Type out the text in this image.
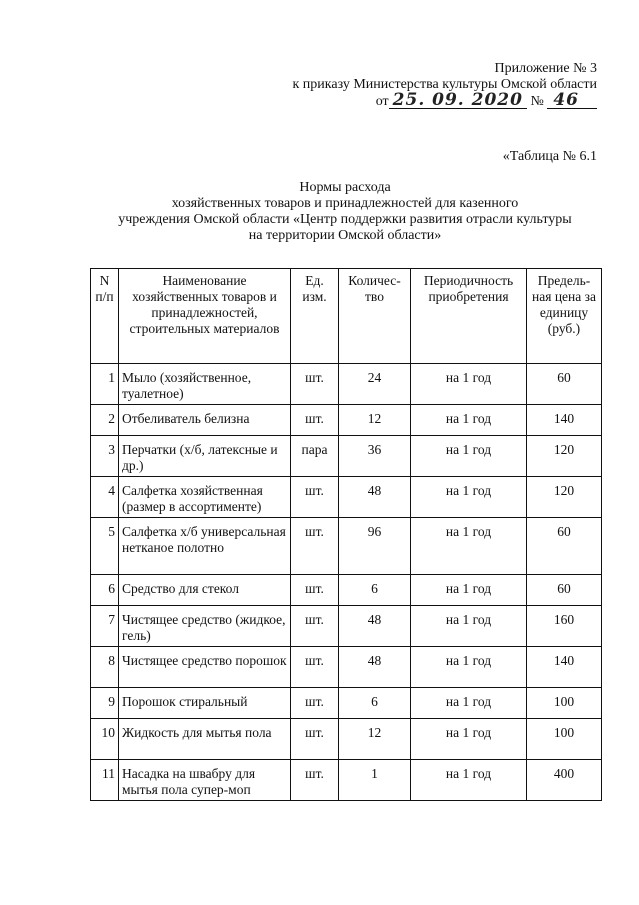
Приложение № 3
к приказу Министерства культуры Омской области
от 25. 09. 2020 № 46
«Таблица № 6.1
Нормы расхода
хозяйственных товаров и принадлежностей для казенного
учреждения Омской области «Центр поддержки развития отрасли культуры
на территории Омской области»
N п/п	Наименование хозяйственных товаров и принадлежностей, строительных материалов	Ед. изм.	Количес-тво	Периодичность приобретения	Предель-ная цена за единицу (руб.)
1	Мыло (хозяйственное, туалетное)	шт.	24	на 1 год	60
2	Отбеливатель белизна	шт.	12	на 1 год	140
3	Перчатки (х/б, латексные и др.)	пара	36	на 1 год	120
4	Салфетка хозяйственная (размер в ассортименте)	шт.	48	на 1 год	120
5	Салфетка х/б универсальная нетканое полотно	шт.	96	на 1 год	60
6	Средство для стекол	шт.	6	на 1 год	60
7	Чистящее средство (жидкое, гель)	шт.	48	на 1 год	160
8	Чистящее средство порошок	шт.	48	на 1 год	140
9	Порошок стиральный	шт.	6	на 1 год	100
10	Жидкость для мытья пола	шт.	12	на 1 год	100
11	Насадка на швабру для мытья пола супер-моп	шт.	1	на 1 год	400
